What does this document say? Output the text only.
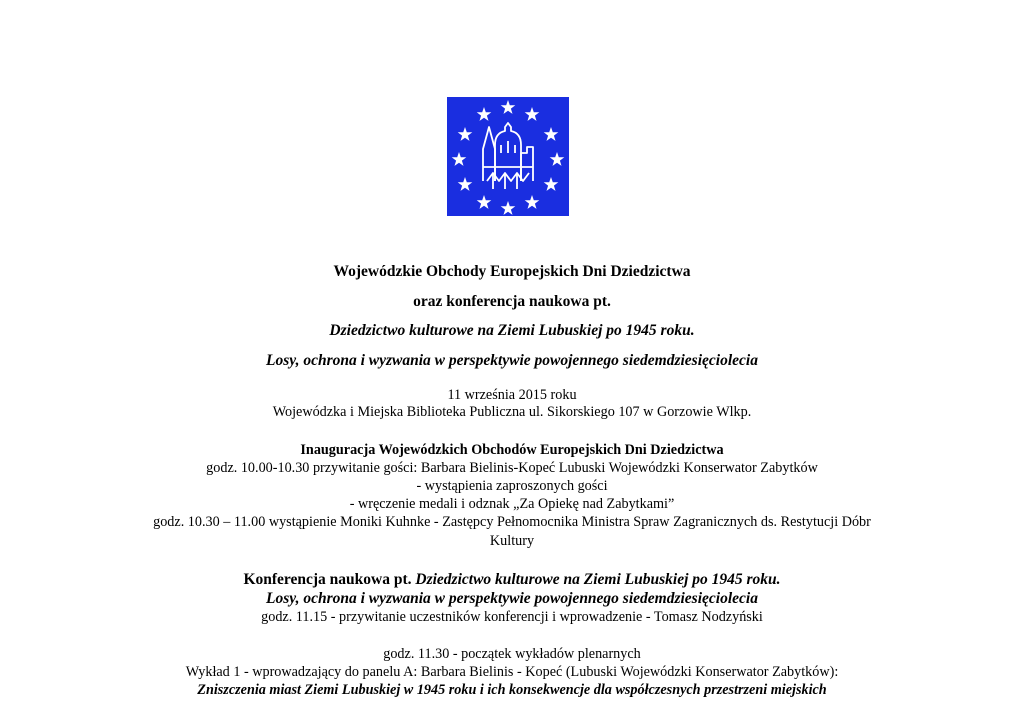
Wojewódzkie Obchody Europejskich Dni Dziedzictwa
oraz konferencja naukowa pt.
Dziedzictwo kulturowe na Ziemi Lubuskiej po 1945 roku.
Losy, ochrona i wyzwania w perspektywie powojennego siedemdziesięciolecia
11 września 2015 roku
Wojewódzka i Miejska Biblioteka Publiczna ul. Sikorskiego 107 w Gorzowie Wlkp.
Inauguracja Wojewódzkich Obchodów Europejskich Dni Dziedzictwa
godz. 10.00-10.30 przywitanie gości: Barbara Bielinis-Kopeć Lubuski Wojewódzki Konserwator Zabytków
- wystąpienia zaproszonych gości
- wręczenie medali i odznak „Za Opiekę nad Zabytkami”
godz. 10.30 – 11.00 wystąpienie Moniki Kuhnke - Zastępcy Pełnomocnika Ministra Spraw Zagranicznych ds. Restytucji Dóbr
Kultury
Konferencja naukowa pt. Dziedzictwo kulturowe na Ziemi Lubuskiej po 1945 roku.
Losy, ochrona i wyzwania w perspektywie powojennego siedemdziesięciolecia
godz. 11.15 - przywitanie uczestników konferencji i wprowadzenie - Tomasz Nodzyński
godz. 11.30 - początek wykładów plenarnych
Wykład 1 - wprowadzający do panelu A: Barbara Bielinis - Kopeć (Lubuski Wojewódzki Konserwator Zabytków):
Zniszczenia miast Ziemi Lubuskiej w 1945 roku i ich konsekwencje dla współczesnych przestrzeni miejskich
